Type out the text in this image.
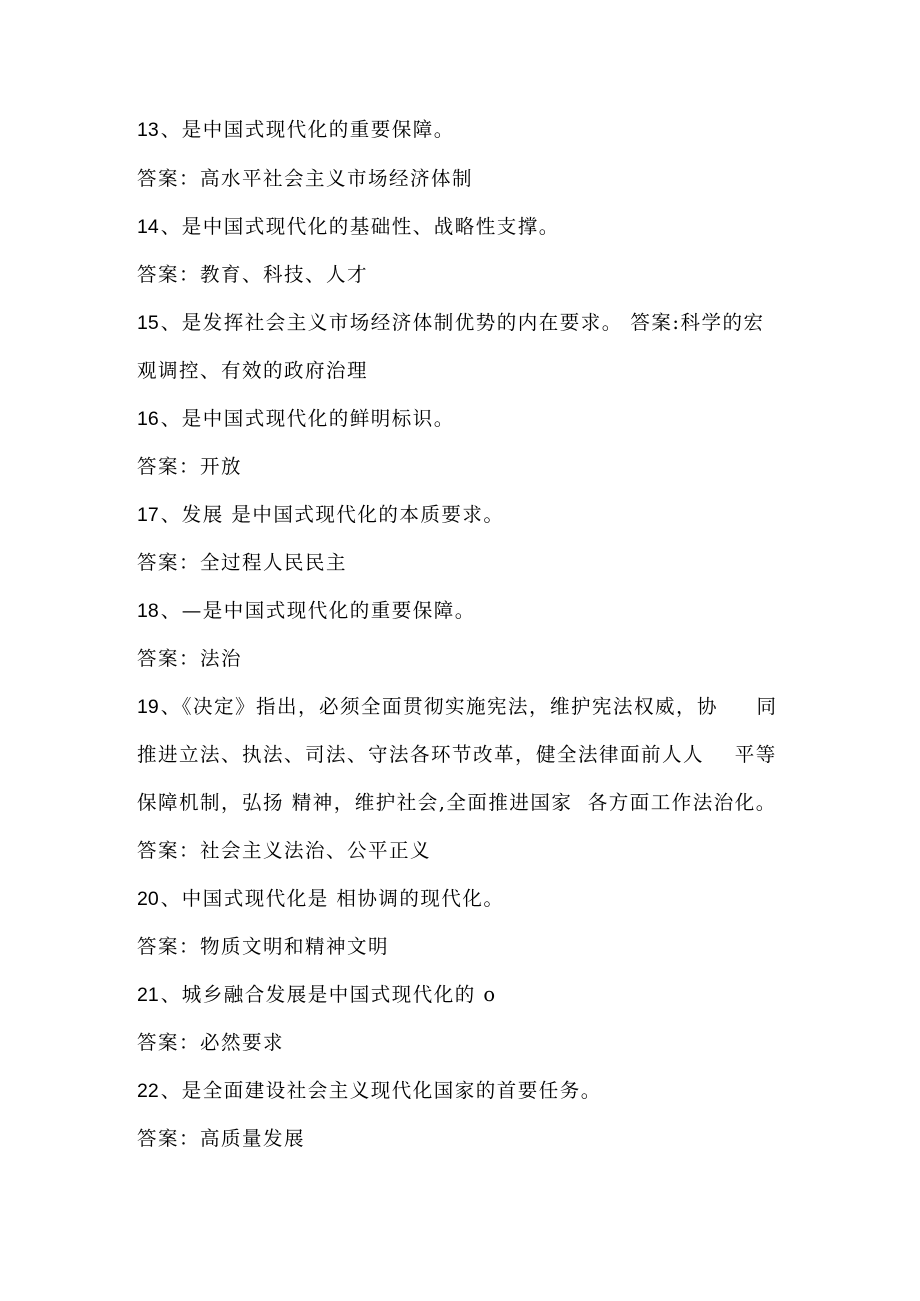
13 、是中国式现代化的重要保障。
答案：高水平社会主义市场经济体制
14 、是中国式现代化的基础性、战略性支撑。
答案：教育、科技、人才
15 、是发挥社会主义市场经济体制优势的内在要求。 答案:科学的宏
观调控、有效的政府治理
16 、是中国式现代化的鲜明标识。
答案：开放
17 、发展 是中国式现代化的本质要求。
答案：全过程人民民主
18 、—是中国式现代化的重要保障。
答案：法治
19 、《决定》指出，必须全面贯彻实施宪法，维护宪法权威，协     同
推进立法、执法、司法、守法各环节改革，健全法律面前人人    平等
保障机制，弘扬 精神，维护社会,全面推进国家  各方面工作法治化。
答案：社会主义法治、公平正义
20 、中国式现代化是 相协调的现代化。
答案：物质文明和精神文明
21 、城乡融合发展是中国式现代化的 o
答案：必然要求
22 、是全面建设社会主义现代化国家的首要任务。
答案：高质量发展
